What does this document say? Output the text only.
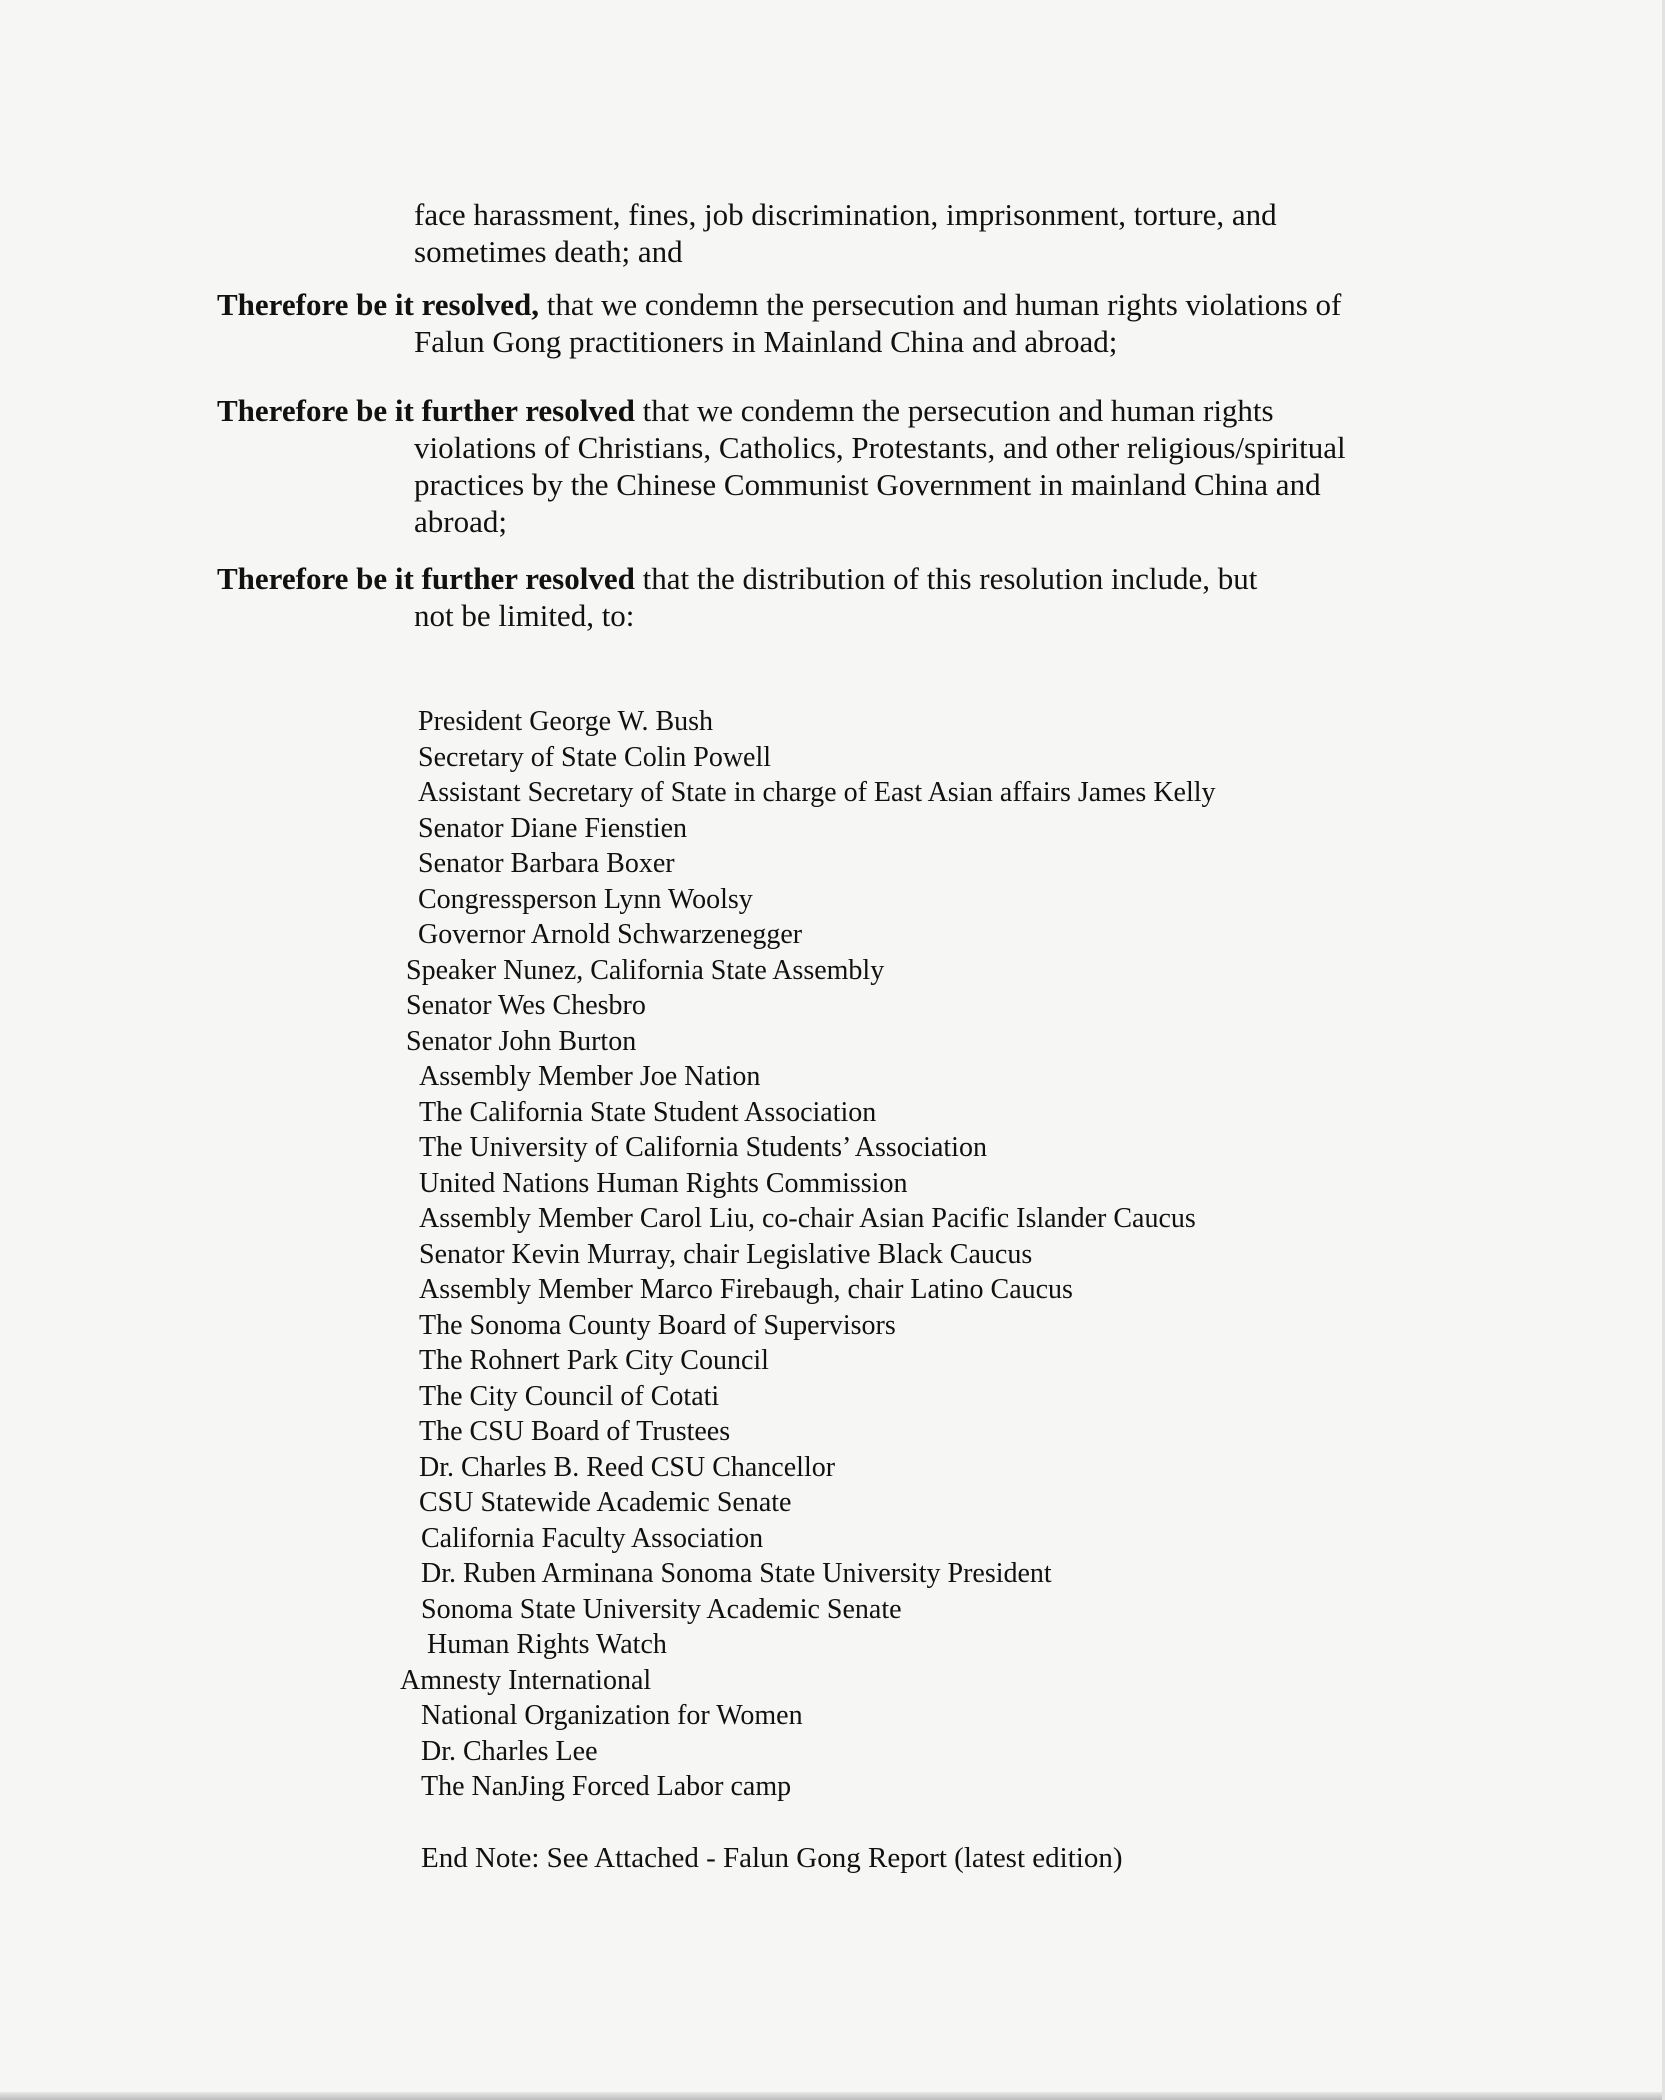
face harassment, fines, job discrimination, imprisonment, torture, and
sometimes death; and

Therefore be it resolved, that we condemn the persecution and human rights violations of
Falun Gong practitioners in Mainland China and abroad;

Therefore be it further resolved that we condemn the persecution and human rights
violations of Christians, Catholics, Protestants, and other religious/spiritual
practices by the Chinese Communist Government in mainland China and
abroad;

Therefore be it further resolved that the distribution of this resolution include, but
not be limited, to:

President George W. Bush
Secretary of State Colin Powell
Assistant Secretary of State in charge of East Asian affairs James Kelly
Senator Diane Fienstien
Senator Barbara Boxer
Congressperson Lynn Woolsy
Governor Arnold Schwarzenegger
Speaker Nunez, California State Assembly
Senator Wes Chesbro
Senator John Burton
Assembly Member Joe Nation
The California State Student Association
The University of California Students’ Association
United Nations Human Rights Commission
Assembly Member Carol Liu, co-chair Asian Pacific Islander Caucus
Senator Kevin Murray, chair Legislative Black Caucus
Assembly Member Marco Firebaugh, chair Latino Caucus
The Sonoma County Board of Supervisors
The Rohnert Park City Council
The City Council of Cotati
The CSU Board of Trustees
Dr. Charles B. Reed CSU Chancellor
CSU Statewide Academic Senate
California Faculty Association
Dr. Ruben Arminana Sonoma State University President
Sonoma State University Academic Senate
Human Rights Watch
Amnesty International
National Organization for Women
Dr. Charles Lee
The NanJing Forced Labor camp
End Note: See Attached - Falun Gong Report (latest edition)
